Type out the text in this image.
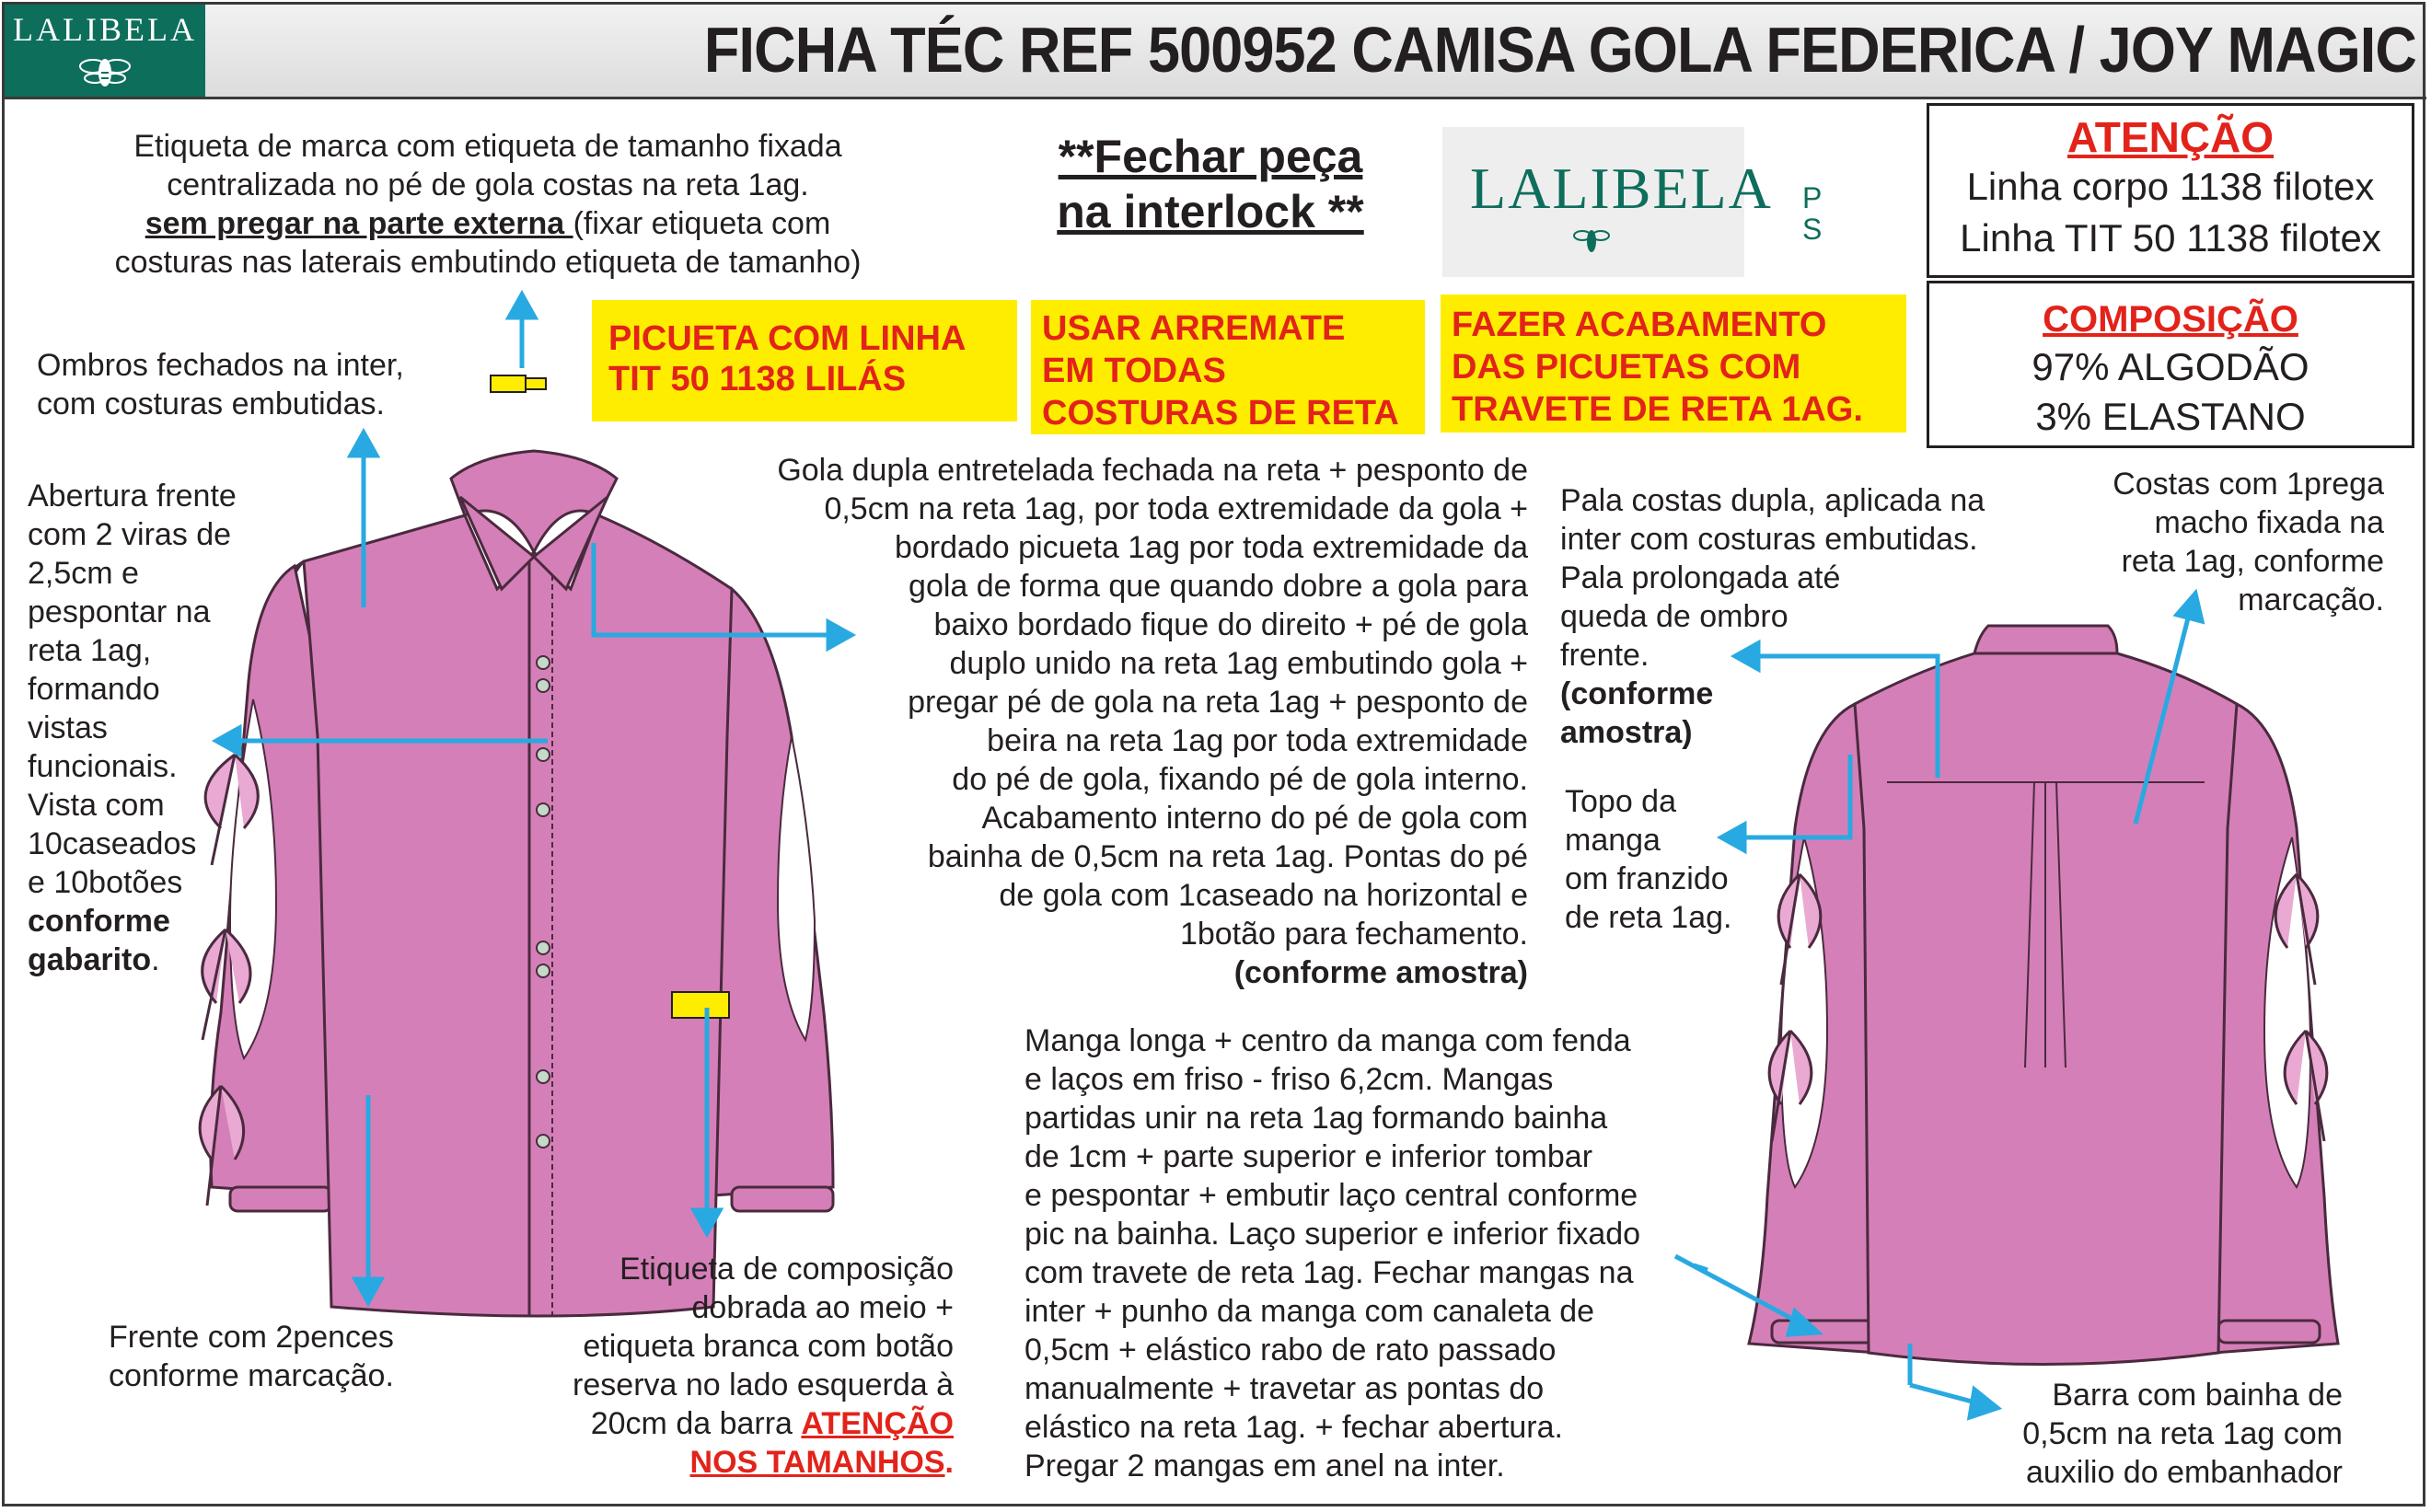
LALIBELA	FICHA TÉC REF 500952 CAMISA GOLA FEDERICA / JOY MAGIC
LALIBELA P
S
**Fechar peça
na interlock **
ATENÇÃO
Linha corpo 1138 filotex
Linha TIT 50 1138 filotex
COMPOSIÇÃO
97% ALGODÃO
3% ELASTANO
PICUETA COM LINHA
TIT 50 1138 LILÁS
USAR ARREMATE
EM TODAS
COSTURAS DE RETA
FAZER ACABAMENTO
DAS PICUETAS COM
TRAVETE DE RETA 1AG.
Etiqueta de marca com etiqueta de tamanho fixada
centralizada no pé de gola costas na reta 1ag.
sem pregar na parte externa (fixar etiqueta com
costuras nas laterais embutindo etiqueta de tamanho)
Ombros fechados na inter,
com costuras embutidas.
Abertura frente
com 2 viras de
2,5cm e
pespontar na
reta 1ag,
formando
vistas
funcionais.
Vista com
10caseados
e 10botões
conforme
gabarito.
Gola dupla entretelada fechada na reta + pesponto de
0,5cm na reta 1ag, por toda extremidade da gola +
bordado picueta 1ag por toda extremidade da
gola de forma que quando dobre a gola para
baixo bordado fique do direito + pé de gola
duplo unido na reta 1ag embutindo gola +
pregar pé de gola na reta 1ag + pesponto de
beira na reta 1ag por toda extremidade
do pé de gola, fixando pé de gola interno.
Acabamento interno do pé de gola com
bainha de 0,5cm na reta 1ag. Pontas do pé
de gola com 1caseado na horizontal e
1botão para fechamento.
(conforme amostra)
Pala costas dupla, aplicada na
inter com costuras embutidas.
Pala prolongada até
queda de ombro
frente.
(conforme
amostra)
Costas com 1prega
macho fixada na
reta 1ag, conforme
marcação.
Topo da
manga
om franzido
de reta 1ag.
Manga longa + centro da manga com fenda
e laços em friso - friso 6,2cm. Mangas
partidas unir na reta 1ag formando bainha
de 1cm + parte superior e inferior tombar
e pespontar + embutir laço central conforme
pic na bainha. Laço superior e inferior fixado
com travete de reta 1ag. Fechar mangas na
inter + punho da manga com canaleta de
0,5cm + elástico rabo de rato passado
manualmente + travetar as pontas do
elástico na reta 1ag. + fechar abertura.
Pregar 2 mangas em anel na inter.
Frente com 2pences
conforme marcação.
Etiqueta de composição
dobrada ao meio +
etiqueta branca com botão
reserva no lado esquerda à
20cm da barra ATENÇÃO
NOS TAMANHOS.
Barra com bainha de
0,5cm na reta 1ag com
auxilio do embanhador
